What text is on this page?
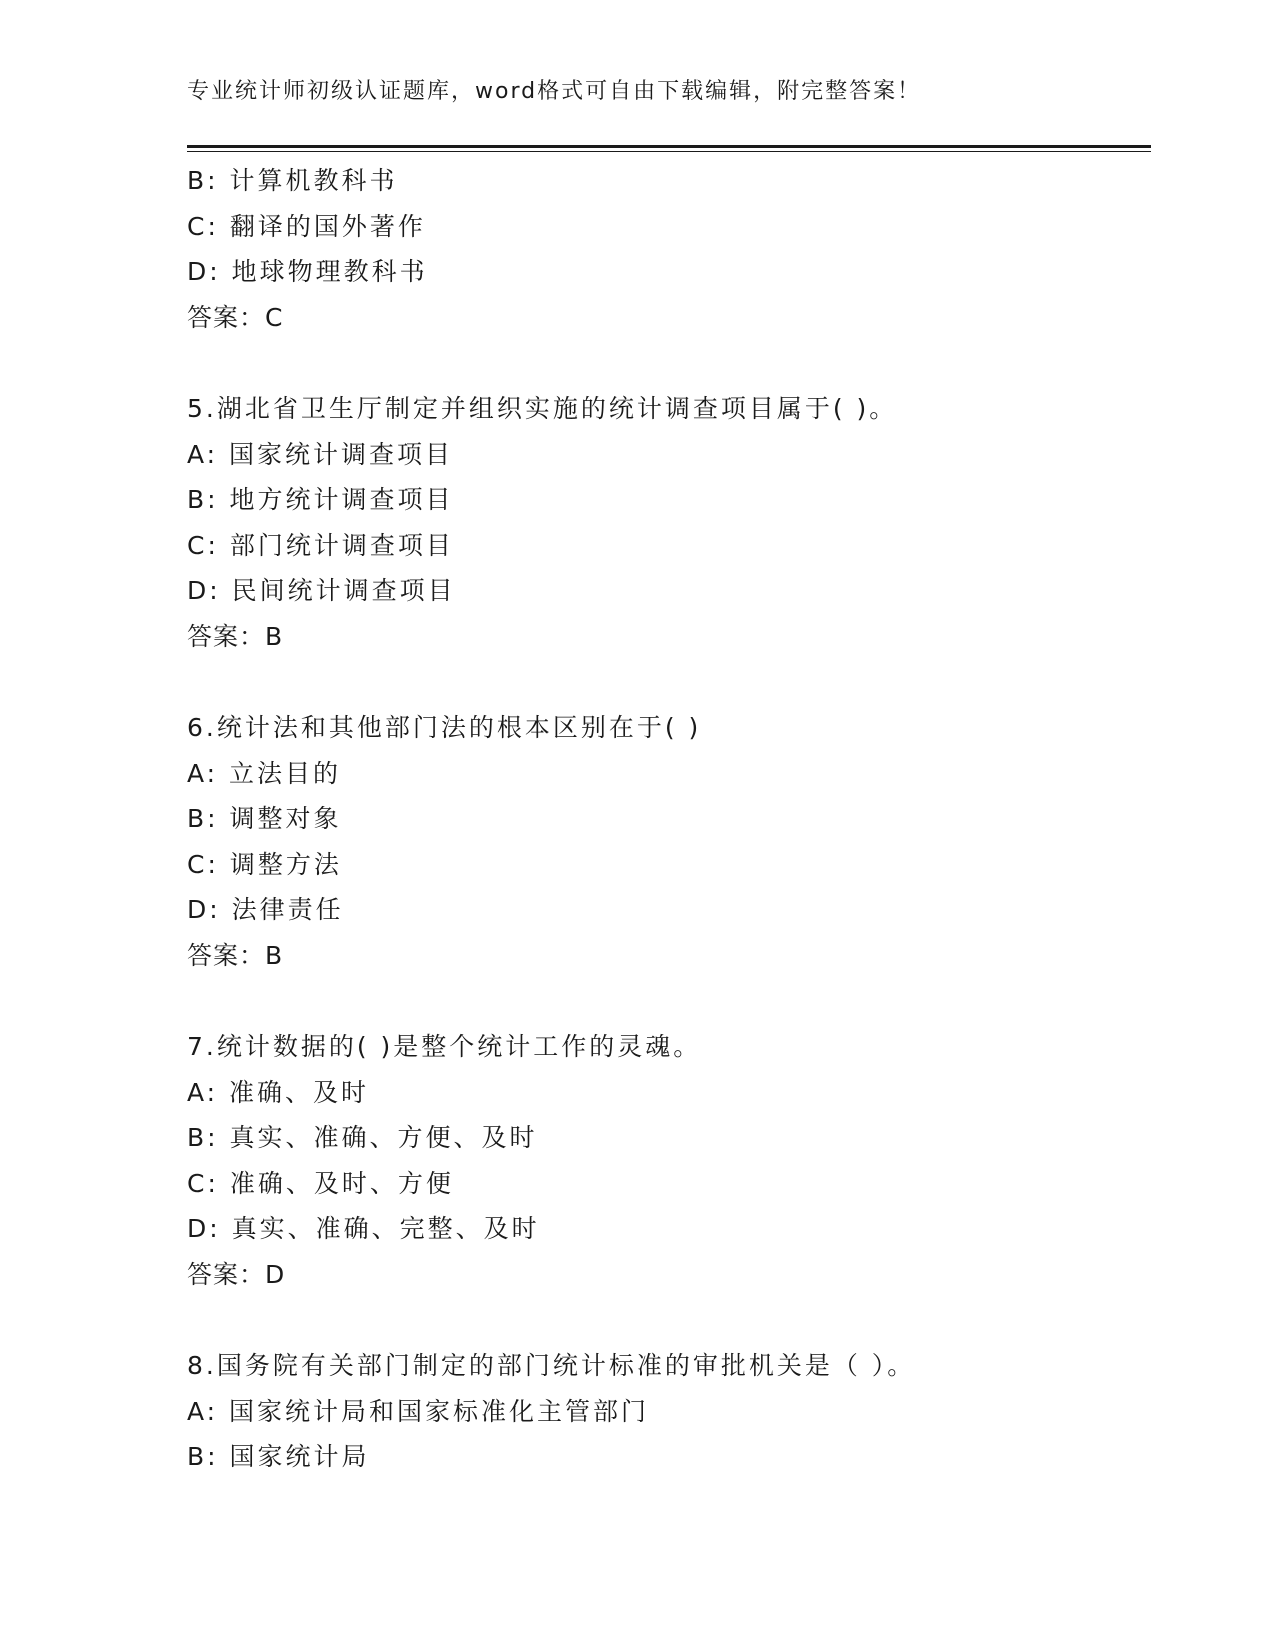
专业统计师初级认证题库，word格式可自由下载编辑，附完整答案！
B: 计算机教科书
C: 翻译的国外著作
D: 地球物理教科书
答案：C
5.湖北省卫生厅制定并组织实施的统计调查项目属于( )。
A: 国家统计调查项目
B: 地方统计调查项目
C: 部门统计调查项目
D: 民间统计调查项目
答案：B
6.统计法和其他部门法的根本区别在于( )
A: 立法目的
B: 调整对象
C: 调整方法
D: 法律责任
答案：B
7.统计数据的( )是整个统计工作的灵魂。
A: 准确、及时
B: 真实、准确、方便、及时
C: 准确、及时、方便
D: 真实、准确、完整、及时
答案：D
8.国务院有关部门制定的部门统计标准的审批机关是（ ）。
A: 国家统计局和国家标准化主管部门
B: 国家统计局
